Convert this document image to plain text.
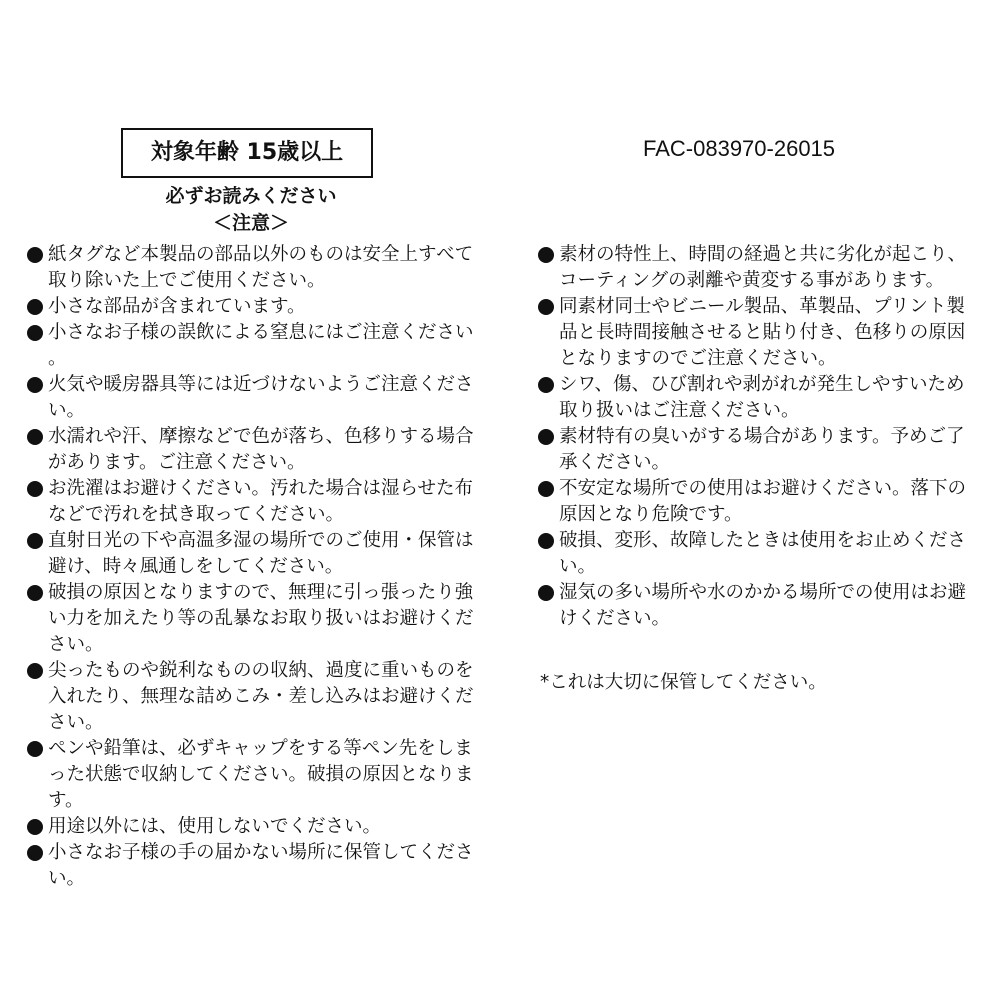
対象年齢 15歳以上	FAC-083970-26015
必ずお読みください
＜注意＞
紙タグなど本製品の部品以外のものは安全上すべて取り除いた上でご使用ください。
小さな部品が含まれています。
小さなお子様の誤飲による窒息にはご注意ください。
火気や暖房器具等には近づけないようご注意ください。
水濡れや汗、摩擦などで色が落ち、色移りする場合があります。ご注意ください。
お洗濯はお避けください。汚れた場合は湿らせた布などで汚れを拭き取ってください。
直射日光の下や高温多湿の場所でのご使用・保管は避け、時々風通しをしてください。
破損の原因となりますので、無理に引っ張ったり強い力を加えたり等の乱暴なお取り扱いはお避けください。
尖ったものや鋭利なものの収納、過度に重いものを入れたり、無理な詰めこみ・差し込みはお避けください。
ペンや鉛筆は、必ずキャップをする等ペン先をしまった状態で収納してください。破損の原因となります。
用途以外には、使用しないでください。
小さなお子様の手の届かない場所に保管してください。
素材の特性上、時間の経過と共に劣化が起こり、コーティングの剥離や黄変する事があります。
同素材同士やビニール製品、革製品、プリント製品と長時間接触させると貼り付き、色移りの原因となりますのでご注意ください。
シワ、傷、ひび割れや剥がれが発生しやすいため取り扱いはご注意ください。
素材特有の臭いがする場合があります。予めご了承ください。
不安定な場所での使用はお避けください。落下の原因となり危険です。
破損、変形、故障したときは使用をお止めください。
湿気の多い場所や水のかかる場所での使用はお避けください。
*これは大切に保管してください。
